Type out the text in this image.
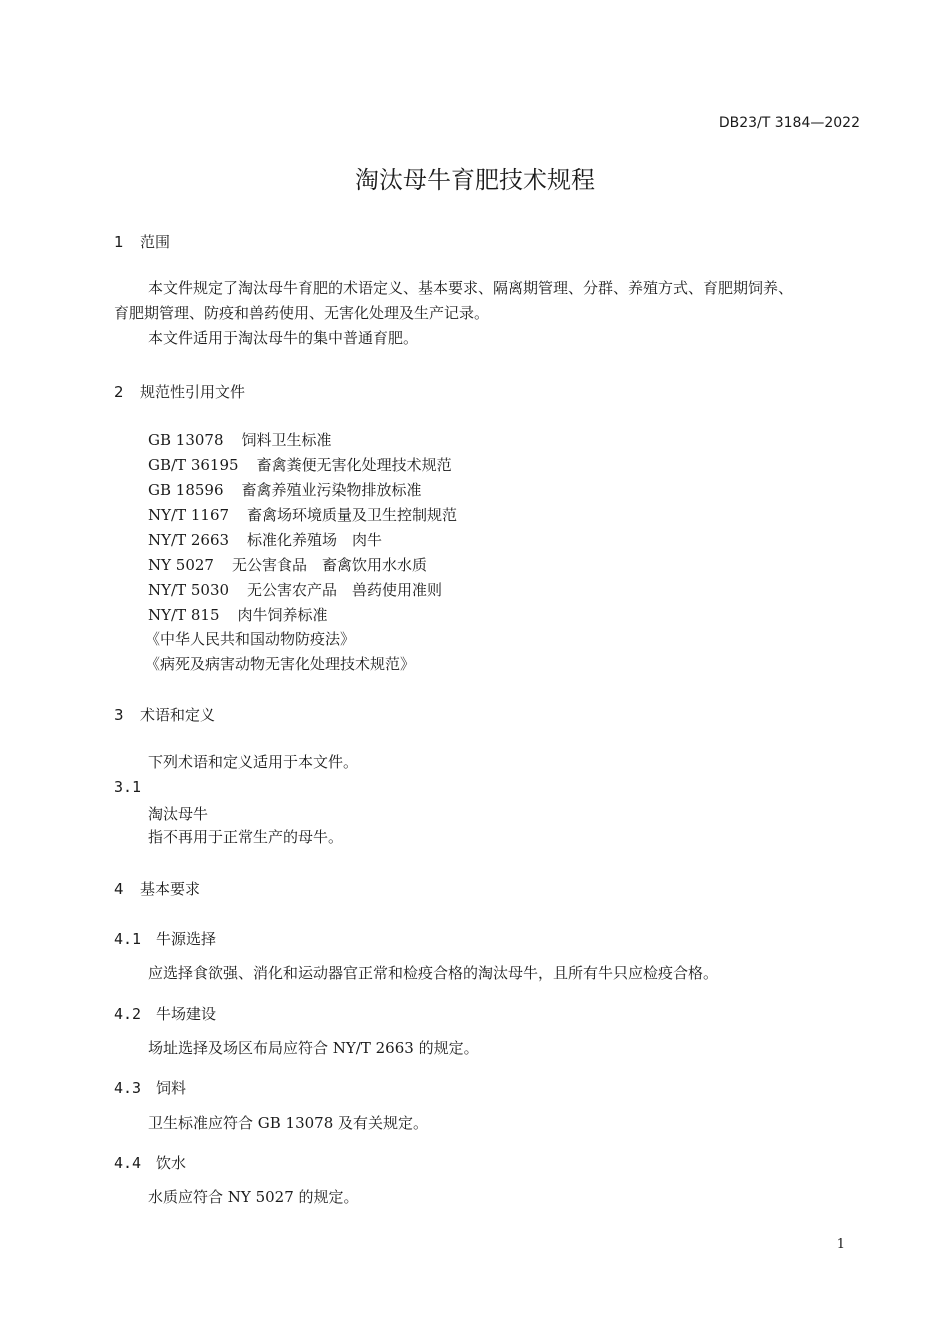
DB23/T 3184—2022
淘汰母牛育肥技术规程
1 范围
本文件规定了淘汰母牛育肥的术语定义、基本要求、隔离期管理、分群、养殖方式、育肥期饲养、
育肥期管理、防疫和兽药使用、无害化处理及生产记录。
本文件适用于淘汰母牛的集中普通育肥。
2 规范性引用文件
GB 13078 饲料卫生标准
GB/T 36195 畜禽粪便无害化处理技术规范
GB 18596 畜禽养殖业污染物排放标准
NY/T 1167 畜禽场环境质量及卫生控制规范
NY/T 2663 标准化养殖场　肉牛
NY 5027 无公害食品　畜禽饮用水水质
NY/T 5030 无公害农产品　兽药使用准则
NY/T 815 肉牛饲养标准
《中华人民共和国动物防疫法》
《病死及病害动物无害化处理技术规范》
3 术语和定义
下列术语和定义适用于本文件。
3.1
淘汰母牛
指不再用于正常生产的母牛。
4 基本要求
4.1 牛源选择
应选择食欲强、消化和运动器官正常和检疫合格的淘汰母牛，且所有牛只应检疫合格。
4.2 牛场建设
场址选择及场区布局应符合 NY/T 2663 的规定。
4.3 饲料
卫生标准应符合 GB 13078 及有关规定。
4.4 饮水
水质应符合 NY 5027 的规定。
1
